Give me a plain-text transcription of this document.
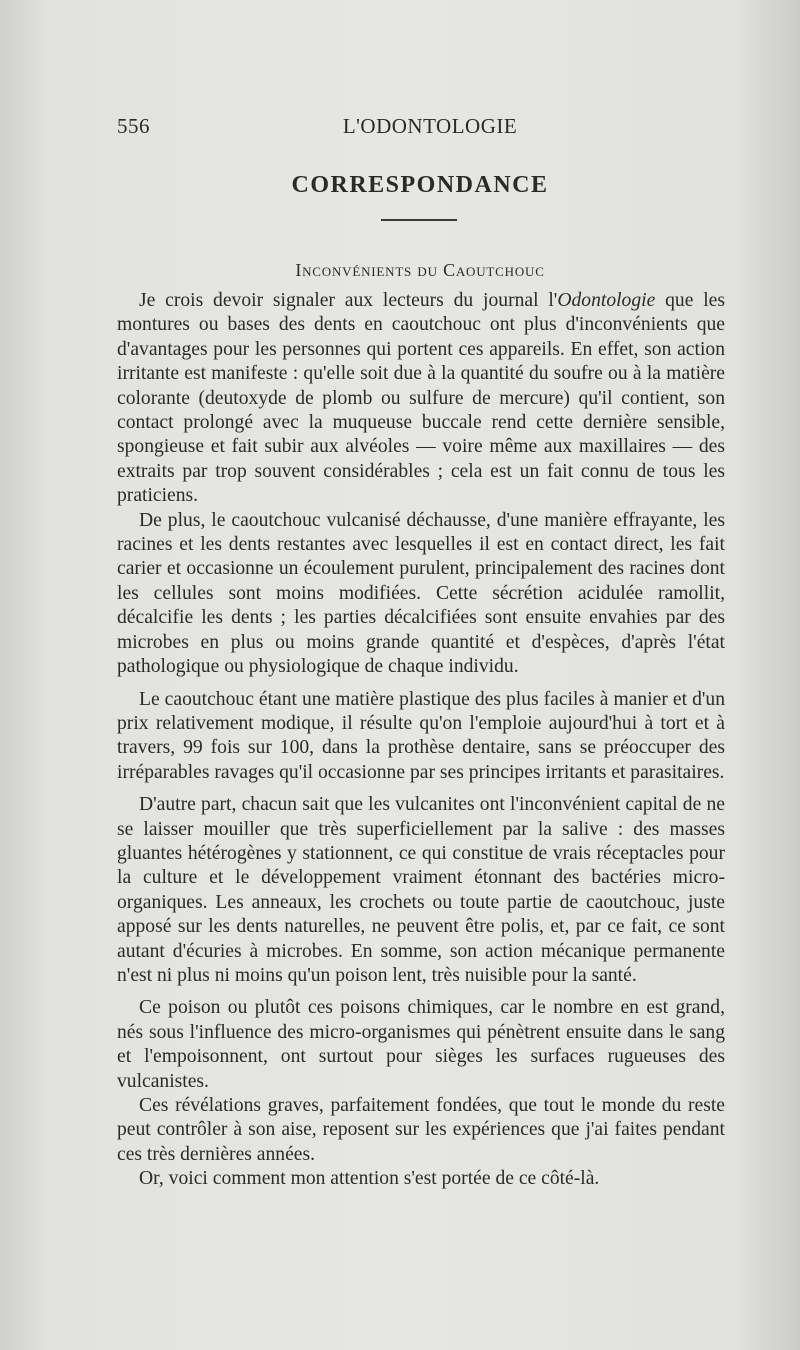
556	L'ODONTOLOGIE
CORRESPONDANCE
Inconvénients du Caoutchouc

Je crois devoir signaler aux lecteurs du journal l'Odontologie que les montures ou bases des dents en caoutchouc ont plus d'inconvénients que d'avantages pour les personnes qui portent ces appareils. En effet, son action irritante est manifeste : qu'elle soit due à la quantité du soufre ou à la matière colorante (deutoxyde de plomb ou sulfure de mercure) qu'il contient, son contact prolongé avec la muqueuse buccale rend cette dernière sensible, spongieuse et fait subir aux alvéoles — voire même aux maxillaires — des extraits par trop souvent considérables ; cela est un fait connu de tous les praticiens.

De plus, le caoutchouc vulcanisé déchausse, d'une manière effrayante, les racines et les dents restantes avec lesquelles il est en contact direct, les fait carier et occasionne un écoulement purulent, principalement des racines dont les cellules sont moins modifiées. Cette sécrétion acidulée ramollit, décalcifie les dents ; les parties décalcifiées sont ensuite envahies par des microbes en plus ou moins grande quantité et d'espèces, d'après l'état pathologique ou physiologique de chaque individu.

Le caoutchouc étant une matière plastique des plus faciles à manier et d'un prix relativement modique, il résulte qu'on l'emploie aujourd'hui à tort et à travers, 99 fois sur 100, dans la prothèse dentaire, sans se préoccuper des irréparables ravages qu'il occasionne par ses principes irritants et parasitaires.

D'autre part, chacun sait que les vulcanites ont l'inconvénient capital de ne se laisser mouiller que très superficiellement par la salive : des masses gluantes hétérogènes y stationnent, ce qui constitue de vrais réceptacles pour la culture et le développement vraiment étonnant des bactéries micro-organiques. Les anneaux, les crochets ou toute partie de caoutchouc, juste apposé sur les dents naturelles, ne peuvent être polis, et, par ce fait, ce sont autant d'écuries à microbes. En somme, son action mécanique permanente n'est ni plus ni moins qu'un poison lent, très nuisible pour la santé.

Ce poison ou plutôt ces poisons chimiques, car le nombre en est grand, nés sous l'influence des micro-organismes qui pénètrent ensuite dans le sang et l'empoisonnent, ont surtout pour sièges les surfaces rugueuses des vulcanistes.

Ces révélations graves, parfaitement fondées, que tout le monde du reste peut contrôler à son aise, reposent sur les expériences que j'ai faites pendant ces très dernières années.

Or, voici comment mon attention s'est portée de ce côté-là.
